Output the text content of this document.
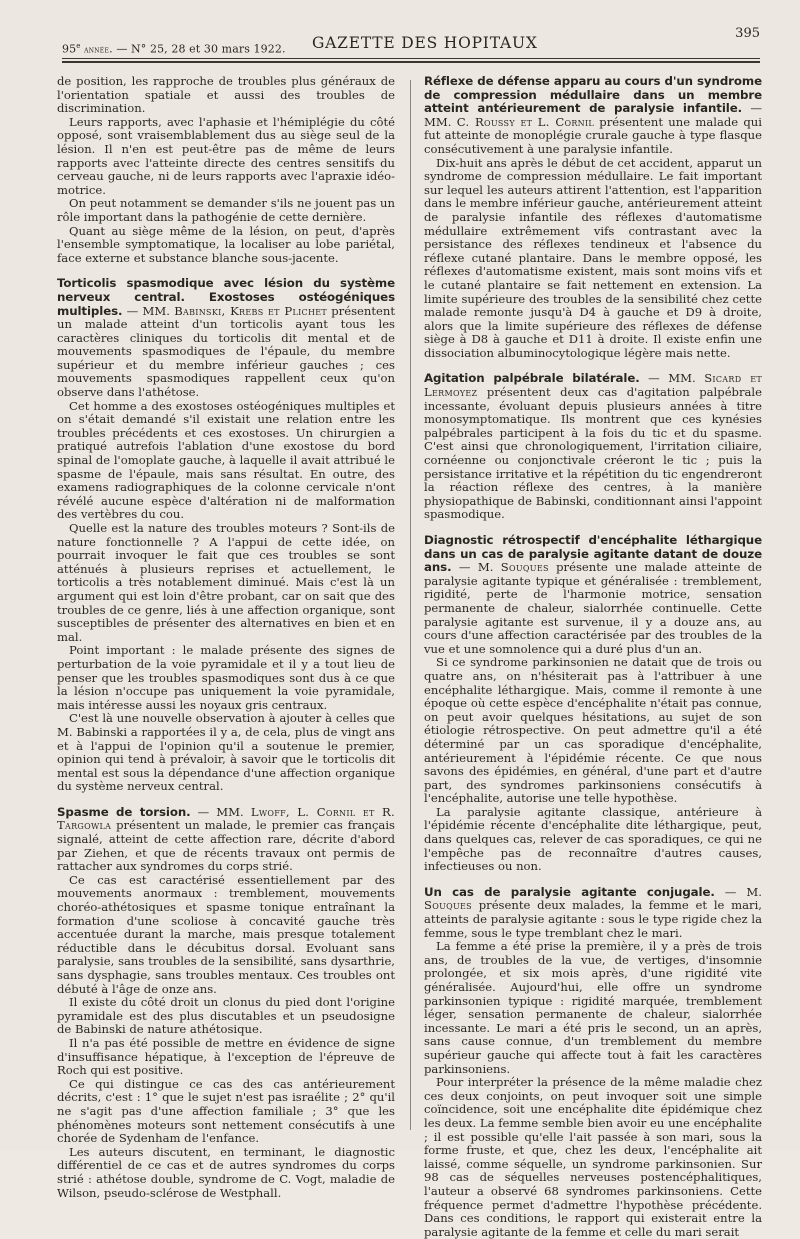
95e année. — N° 25, 28 et 30 mars 1922. GAZETTE DES HOPITAUX
395

de position, les rapproche de troubles plus généraux de l'orientation spatiale et aussi des troubles de discrimination.

Leurs rapports, avec l'aphasie et l'hémiplégie du côté opposé, sont vraisemblablement dus au siège seul de la lésion. Il n'en est peut-être pas de même de leurs rapports avec l'atteinte directe des centres sensitifs du cerveau gauche, ni de leurs rapports avec l'apraxie idéo-motrice.

On peut notamment se demander s'ils ne jouent pas un rôle important dans la pathogénie de cette dernière.

Quant au siège même de la lésion, on peut, d'après l'ensemble symptomatique, la localiser au lobe pariétal, face externe et substance blanche sous-jacente.

Torticolis spasmodique avec lésion du système nerveux central. Exostoses ostéogéniques multiples. — MM. Babinski, Krebs et Plichet présentent un malade atteint d'un torticolis ayant tous les caractères cliniques du torticolis dit mental et de mouvements spasmodiques de l'épaule, du membre supérieur et du membre inférieur gauches ; ces mouvements spasmodiques rappellent ceux qu'on observe dans l'athétose.

Cet homme a des exostoses ostéogéniques multiples et on s'était demandé s'il existait une relation entre les troubles précédents et ces exostoses. Un chirurgien a pratiqué autrefois l'ablation d'une exostose du bord spinal de l'omoplate gauche, à laquelle il avait attribué le spasme de l'épaule, mais sans résultat. En outre, des examens radiographiques de la colonne cervicale n'ont révélé aucune espèce d'altération ni de malformation des vertèbres du cou.

Quelle est la nature des troubles moteurs ? Sont-ils de nature fonctionnelle ? A l'appui de cette idée, on pourrait invoquer le fait que ces troubles se sont atténués à plusieurs reprises et actuellement, le torticolis a très notablement diminué. Mais c'est là un argument qui est loin d'être probant, car on sait que des troubles de ce genre, liés à une affection organique, sont susceptibles de présenter des alternatives en bien et en mal.

Point important : le malade présente des signes de perturbation de la voie pyramidale et il y a tout lieu de penser que les troubles spasmodiques sont dus à ce que la lésion n'occupe pas uniquement la voie pyramidale, mais intéresse aussi les noyaux gris centraux.

C'est là une nouvelle observation à ajouter à celles que M. Babinski a rapportées il y a, de cela, plus de vingt ans et à l'appui de l'opinion qu'il a soutenue le premier, opinion qui tend à prévaloir, à savoir que le torticolis dit mental est sous la dépendance d'une affection organique du système nerveux central.

Spasme de torsion. — MM. Lwoff, L. Cornil et R. Targowla présentent un malade, le premier cas français signalé, atteint de cette affection rare, décrite d'abord par Ziehen, et que de récents travaux ont permis de rattacher aux syndromes du corps strié.

Ce cas est caractérisé essentiellement par des mouvements anormaux : tremblement, mouvements choréo-athétosiques et spasme tonique entraînant la formation d'une scoliose à concavité gauche très accentuée durant la marche, mais presque totalement réductible dans le décubitus dorsal. Evoluant sans paralysie, sans troubles de la sensibilité, sans dysarthrie, sans dysphagie, sans troubles mentaux. Ces troubles ont débuté à l'âge de onze ans.

Il existe du côté droit un clonus du pied dont l'origine pyramidale est des plus discutables et un pseudosigne de Babinski de nature athétosique.

Il n'a pas été possible de mettre en évidence de signe d'insuffisance hépatique, à l'exception de l'épreuve de Roch qui est positive.

Ce qui distingue ce cas des cas antérieurement décrits, c'est : 1° que le sujet n'est pas israélite ; 2° qu'il ne s'agit pas d'une affection familiale ; 3° que les phénomènes moteurs sont nettement consécutifs à une chorée de Sydenham de l'enfance.

Les auteurs discutent, en terminant, le diagnostic différentiel de ce cas et de autres syndromes du corps strié : athétose double, syndrome de C. Vogt, maladie de Wilson, pseudo-sclérose de Westphall.

Réflexe de défense apparu au cours d'un syndrome de compression médullaire dans un membre atteint antérieurement de paralysie infantile. — MM. C. Roussy et L. Cornil présentent une malade qui fut atteinte de monoplégie crurale gauche à type flasque consécutivement à une paralysie infantile.

Dix-huit ans après le début de cet accident, apparut un syndrome de compression médullaire. Le fait important sur lequel les auteurs attirent l'attention, est l'apparition dans le membre inférieur gauche, antérieurement atteint de paralysie infantile des réflexes d'automatisme médullaire extrêmement vifs contrastant avec la persistance des réflexes tendineux et l'absence du réflexe cutané plantaire. Dans le membre opposé, les réflexes d'automatisme existent, mais sont moins vifs et le cutané plantaire se fait nettement en extension. La limite supérieure des troubles de la sensibilité chez cette malade remonte jusqu'à D4 à gauche et D9 à droite, alors que la limite supérieure des réflexes de défense siège à D8 à gauche et D11 à droite. Il existe enfin une dissociation albuminocytologique légère mais nette.

Agitation palpébrale bilatérale. — MM. Sicard et Lermoyez présentent deux cas d'agitation palpébrale incessante, évoluant depuis plusieurs années à titre monosymptomatique. Ils montrent que ces kynésies palpébrales participent à la fois du tic et du spasme. C'est ainsi que chronologiquement, l'irritation ciliaire, cornéenne ou conjonctivale créeront le tic ; puis la persistance irritative et la répétition du tic engendreront la réaction réflexe des centres, à la manière physiopathique de Babinski, conditionnant ainsi l'appoint spasmodique.

Diagnostic rétrospectif d'encéphalite léthargique dans un cas de paralysie agitante datant de douze ans. — M. Souques présente une malade atteinte de paralysie agitante typique et généralisée : tremblement, rigidité, perte de l'harmonie motrice, sensation permanente de chaleur, sialorrhée continuelle. Cette paralysie agitante est survenue, il y a douze ans, au cours d'une affection caractérisée par des troubles de la vue et une somnolence qui a duré plus d'un an.

Si ce syndrome parkinsonien ne datait que de trois ou quatre ans, on n'hésiterait pas à l'attribuer à une encéphalite léthargique. Mais, comme il remonte à une époque où cette espèce d'encéphalite n'était pas connue, on peut avoir quelques hésitations, au sujet de son étiologie rétrospective. On peut admettre qu'il a été déterminé par un cas sporadique d'encéphalite, antérieurement à l'épidémie récente. Ce que nous savons des épidémies, en général, d'une part et d'autre part, des syndromes parkinsoniens consécutifs à l'encéphalite, autorise une telle hypothèse.

La paralysie agitante classique, antérieure à l'épidémie récente d'encéphalite dite léthargique, peut, dans quelques cas, relever de cas sporadiques, ce qui ne l'empêche pas de reconnaître d'autres causes, infectieuses ou non.

Un cas de paralysie agitante conjugale. — M. Souques présente deux malades, la femme et le mari, atteints de paralysie agitante : sous le type rigide chez la femme, sous le type tremblant chez le mari.

La femme a été prise la première, il y a près de trois ans, de troubles de la vue, de vertiges, d'insomnie prolongée, et six mois après, d'une rigidité vite généralisée. Aujourd'hui, elle offre un syndrome parkinsonien typique : rigidité marquée, tremblement léger, sensation permanente de chaleur, sialorrhée incessante. Le mari a été pris le second, un an après, sans cause connue, d'un tremblement du membre supérieur gauche qui affecte tout à fait les caractères parkinsoniens.

Pour interpréter la présence de la même maladie chez ces deux conjoints, on peut invoquer soit une simple coïncidence, soit une encéphalite dite épidémique chez les deux. La femme semble bien avoir eu une encéphalite ; il est possible qu'elle l'ait passée à son mari, sous la forme fruste, et que, chez les deux, l'encéphalite ait laissé, comme séquelle, un syndrome parkinsonien. Sur 98 cas de séquelles nerveuses postencéphalitiques, l'auteur a observé 68 syndromes parkinsoniens. Cette fréquence permet d'admettre l'hypothèse précédente. Dans ces conditions, le rapport qui existerait entre la paralysie agitante de la femme et celle du mari serait
